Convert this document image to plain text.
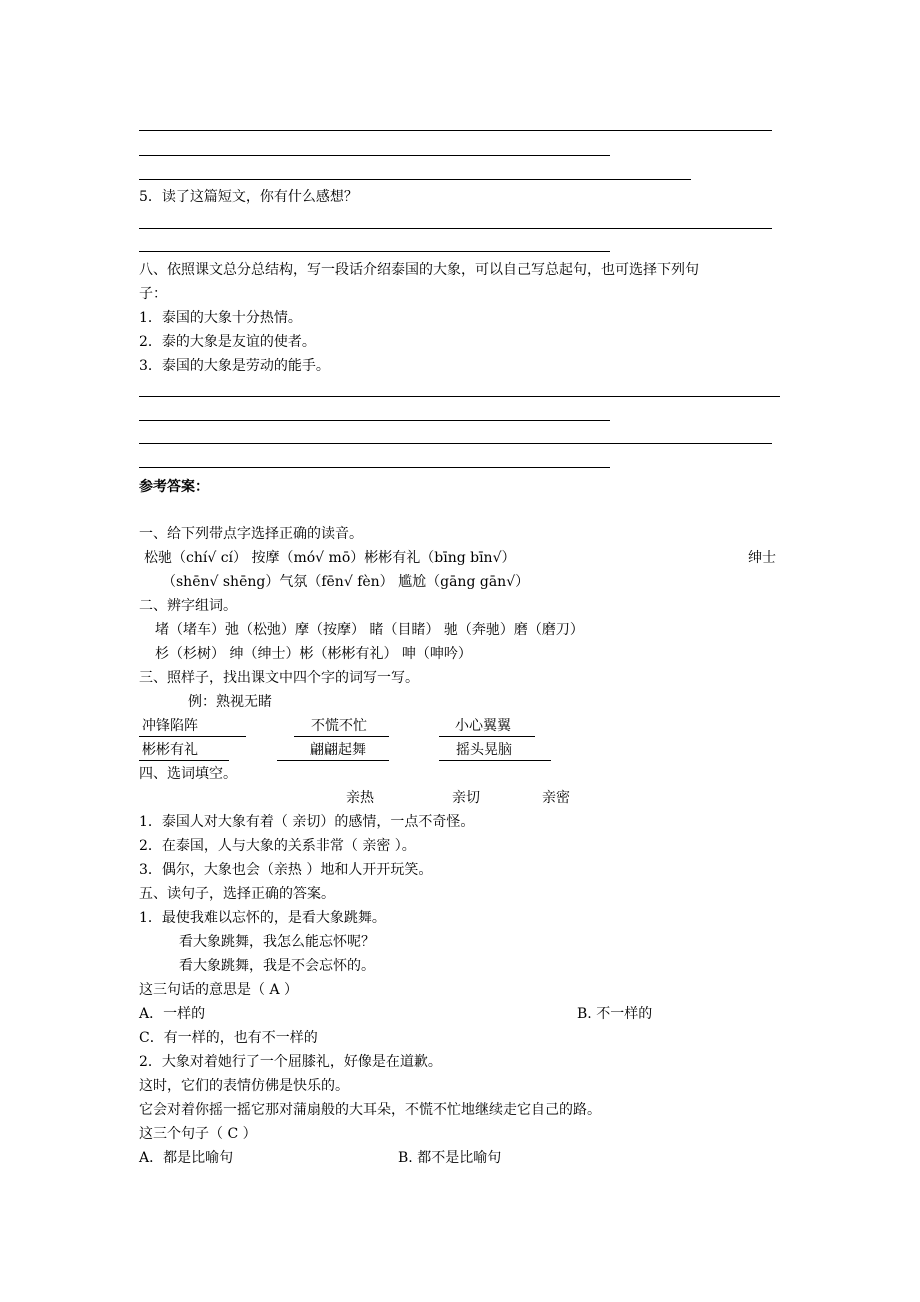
5．读了这篇短文，你有什么感想？
八、依照课文总分总结构，写一段话介绍泰国的大象，可以自己写总起句，也可选择下列句
子：
1．泰国的大象十分热情。
2．泰的大象是友谊的使者。
3．泰国的大象是劳动的能手。
参考答案：
一、给下列带点字选择正确的读音。
松驰（chí√ cí） 按摩（mó√ mō）彬彬有礼（bīng bīn√）	绅士
（shēn√ shēng）气氛（fēn√ fèn） 尴尬（gāng gān√）
二、辨字组词。
堵（堵车）弛（松弛）摩（按摩） 睹（目睹） 驰（奔驰）磨（磨刀）
杉（杉树） 绅（绅士）彬（彬彬有礼） 呻（呻吟）
三、照样子，找出课文中四个字的词写一写。
例：熟视无睹
冲锋陷阵	不慌不忙	小心翼翼
彬彬有礼	翩翩起舞	摇头晃脑
四、选词填空。
亲热	亲切	亲密
1．泰国人对大象有着（ 亲切）的感情，一点不奇怪。
2．在泰国，人与大象的关系非常（ 亲密 ）。
3．偶尔，大象也会（亲热 ）地和人开开玩笑。
五、读句子，选择正确的答案。
1．最使我难以忘怀的，是看大象跳舞。
看大象跳舞，我怎么能忘怀呢？
看大象跳舞，我是不会忘怀的。
这三句话的意思是（ A ）
A．一样的	B. 不一样的
C．有一样的，也有不一样的
2．大象对着她行了一个屈膝礼，好像是在道歉。
这时，它们的表情仿佛是快乐的。
它会对着你摇一摇它那对蒲扇般的大耳朵，不慌不忙地继续走它自己的路。
这三个句子（ C ）
A．都是比喻句	B. 都不是比喻句
